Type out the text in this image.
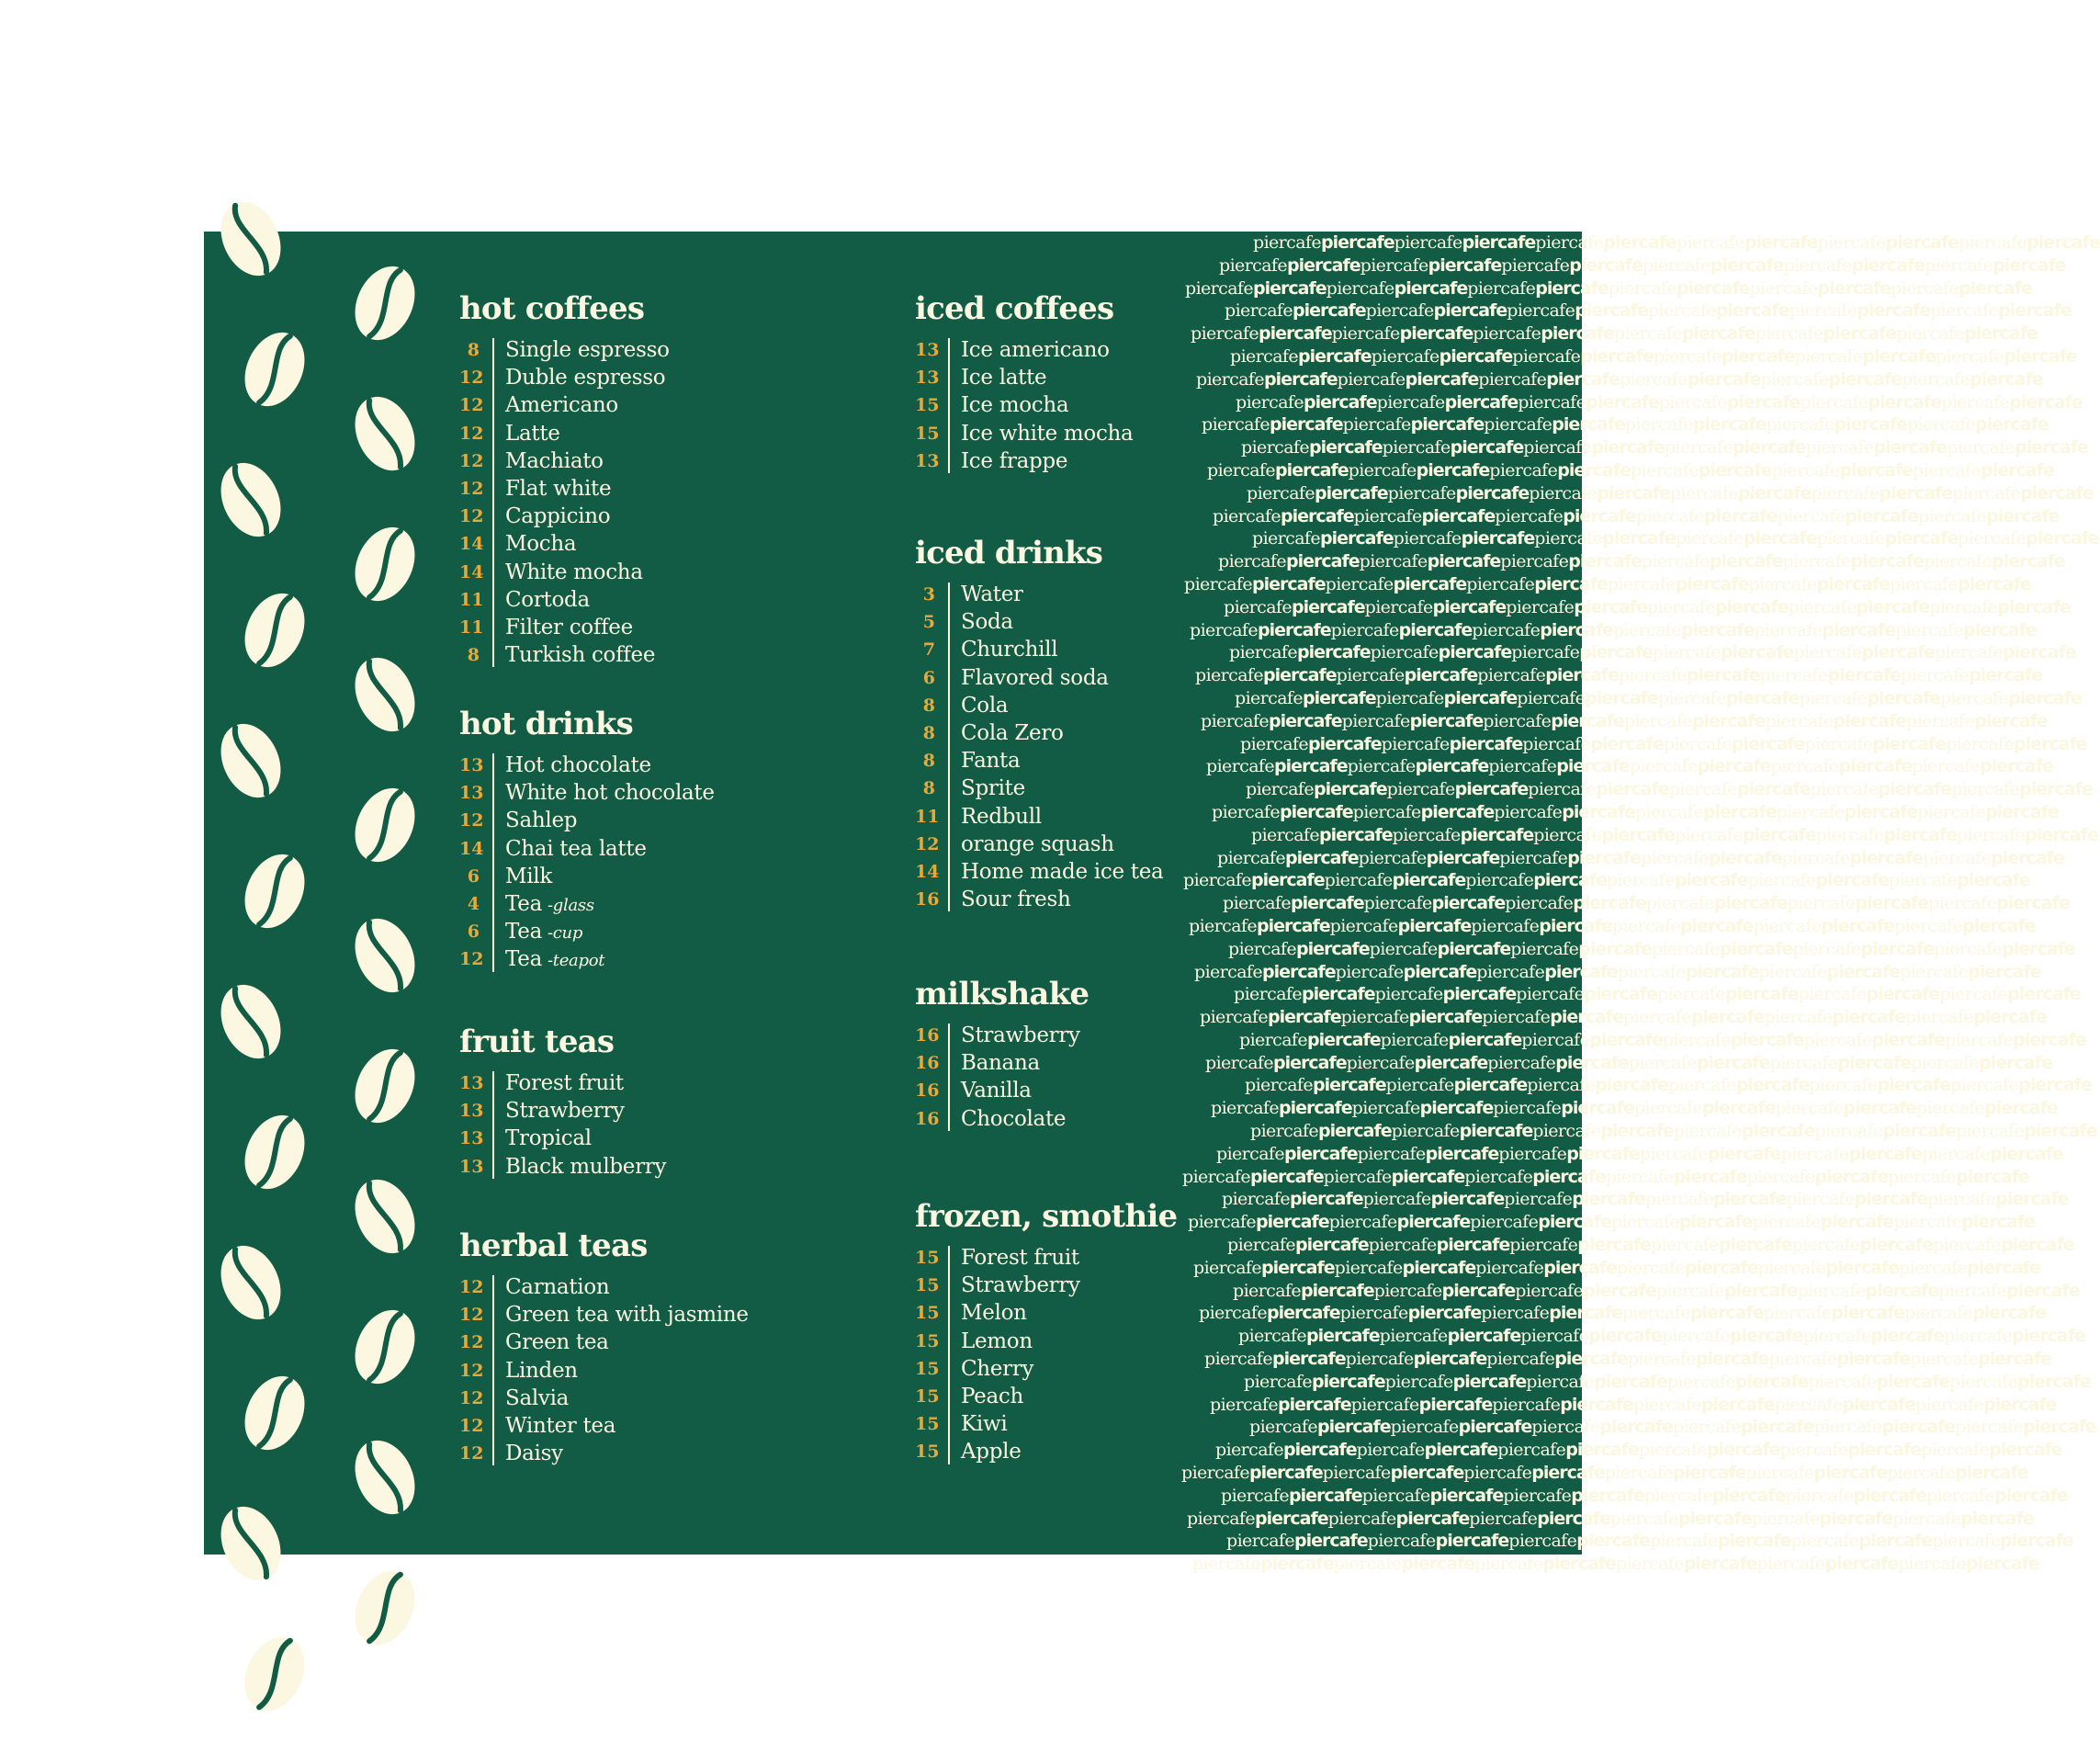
hot coffees
8 Single espresso
12 Duble espresso
12 Americano
12 Latte
12 Machiato
12 Flat white
12 Cappicino
14 Mocha
14 White mocha
11 Cortoda
11 Filter coffee
8 Turkish coffee
hot drinks
13 Hot chocolate
13 White hot chocolate
12 Sahlep
14 Chai tea latte
6 Milk
4 Tea -glass
6 Tea -cup
12 Tea -teapot
fruit teas
13 Forest fruit
13 Strawberry
13 Tropical
13 Black mulberry
herbal teas
12 Carnation
12 Green tea with jasmine
12 Green tea
12 Linden
12 Salvia
12 Winter tea
12 Daisy
iced coffees
13 Ice americano
13 Ice latte
15 Ice mocha
15 Ice white mocha
13 Ice frappe
iced drinks
3 Water
5 Soda
7 Churchill
6 Flavored soda
8 Cola
8 Cola Zero
8 Fanta
8 Sprite
11 Redbull
12 orange squash
14 Home made ice tea
16 Sour fresh
milkshake
16 Strawberry
16 Banana
16 Vanilla
16 Chocolate
frozen, smothie
15 Forest fruit
15 Strawberry
15 Melon
15 Lemon
15 Cherry
15 Peach
15 Kiwi
15 Apple
piercafepiercafepiercafepiercafepiercafepiercafepiercafepiercafepiercafepiercafepiercafepiercafe
piercafepiercafepiercafepiercafepiercafepiercafepiercafepiercafepiercafepiercafepiercafepiercafe
piercafepiercafepiercafepiercafepiercafepiercafepiercafepiercafepiercafepiercafepiercafepiercafe
piercafepiercafepiercafepiercafepiercafepiercafepiercafepiercafepiercafepiercafepiercafepiercafe
piercafepiercafepiercafepiercafepiercafepiercafepiercafepiercafepiercafepiercafepiercafepiercafe
piercafepiercafepiercafepiercafepiercafepiercafepiercafepiercafepiercafepiercafepiercafepiercafe
piercafepiercafepiercafepiercafepiercafepiercafepiercafepiercafepiercafepiercafepiercafepiercafe
piercafepiercafepiercafepiercafepiercafepiercafepiercafepiercafepiercafepiercafepiercafepiercafe
piercafepiercafepiercafepiercafepiercafepiercafepiercafepiercafepiercafepiercafepiercafepiercafe
piercafepiercafepiercafepiercafepiercafepiercafepiercafepiercafepiercafepiercafepiercafepiercafe
piercafepiercafepiercafepiercafepiercafepiercafepiercafepiercafepiercafepiercafepiercafepiercafe
piercafepiercafepiercafepiercafepiercafepiercafepiercafepiercafepiercafepiercafepiercafepiercafe
piercafepiercafepiercafepiercafepiercafepiercafepiercafepiercafepiercafepiercafepiercafepiercafe
piercafepiercafepiercafepiercafepiercafepiercafepiercafepiercafepiercafepiercafepiercafepiercafe
piercafepiercafepiercafepiercafepiercafepiercafepiercafepiercafepiercafepiercafepiercafepiercafe
piercafepiercafepiercafepiercafepiercafepiercafepiercafepiercafepiercafepiercafepiercafepiercafe
piercafepiercafepiercafepiercafepiercafepiercafepiercafepiercafepiercafepiercafepiercafepiercafe
piercafepiercafepiercafepiercafepiercafepiercafepiercafepiercafepiercafepiercafepiercafepiercafe
piercafepiercafepiercafepiercafepiercafepiercafepiercafepiercafepiercafepiercafepiercafepiercafe
piercafepiercafepiercafepiercafepiercafepiercafepiercafepiercafepiercafepiercafepiercafepiercafe
piercafepiercafepiercafepiercafepiercafepiercafepiercafepiercafepiercafepiercafepiercafepiercafe
piercafepiercafepiercafepiercafepiercafepiercafepiercafepiercafepiercafepiercafepiercafepiercafe
piercafepiercafepiercafepiercafepiercafepiercafepiercafepiercafepiercafepiercafepiercafepiercafe
piercafepiercafepiercafepiercafepiercafepiercafepiercafepiercafepiercafepiercafepiercafepiercafe
piercafepiercafepiercafepiercafepiercafepiercafepiercafepiercafepiercafepiercafepiercafepiercafe
piercafepiercafepiercafepiercafepiercafepiercafepiercafepiercafepiercafepiercafepiercafepiercafe
piercafepiercafepiercafepiercafepiercafepiercafepiercafepiercafepiercafepiercafepiercafepiercafe
piercafepiercafepiercafepiercafepiercafepiercafepiercafepiercafepiercafepiercafepiercafepiercafe
piercafepiercafepiercafepiercafepiercafepiercafepiercafepiercafepiercafepiercafepiercafepiercafe
piercafepiercafepiercafepiercafepiercafepiercafepiercafepiercafepiercafepiercafepiercafepiercafe
piercafepiercafepiercafepiercafepiercafepiercafepiercafepiercafepiercafepiercafepiercafepiercafe
piercafepiercafepiercafepiercafepiercafepiercafepiercafepiercafepiercafepiercafepiercafepiercafe
piercafepiercafepiercafepiercafepiercafepiercafepiercafepiercafepiercafepiercafepiercafepiercafe
piercafepiercafepiercafepiercafepiercafepiercafepiercafepiercafepiercafepiercafepiercafepiercafe
piercafepiercafepiercafepiercafepiercafepiercafepiercafepiercafepiercafepiercafepiercafepiercafe
piercafepiercafepiercafepiercafepiercafepiercafepiercafepiercafepiercafepiercafepiercafepiercafe
piercafepiercafepiercafepiercafepiercafepiercafepiercafepiercafepiercafepiercafepiercafepiercafe
piercafepiercafepiercafepiercafepiercafepiercafepiercafepiercafepiercafepiercafepiercafepiercafe
piercafepiercafepiercafepiercafepiercafepiercafepiercafepiercafepiercafepiercafepiercafepiercafe
piercafepiercafepiercafepiercafepiercafepiercafepiercafepiercafepiercafepiercafepiercafepiercafe
piercafepiercafepiercafepiercafepiercafepiercafepiercafepiercafepiercafepiercafepiercafepiercafe
piercafepiercafepiercafepiercafepiercafepiercafepiercafepiercafepiercafepiercafepiercafepiercafe
piercafepiercafepiercafepiercafepiercafepiercafepiercafepiercafepiercafepiercafepiercafepiercafe
piercafepiercafepiercafepiercafepiercafepiercafepiercafepiercafepiercafepiercafepiercafepiercafe
piercafepiercafepiercafepiercafepiercafepiercafepiercafepiercafepiercafepiercafepiercafepiercafe
piercafepiercafepiercafepiercafepiercafepiercafepiercafepiercafepiercafepiercafepiercafepiercafe
piercafepiercafepiercafepiercafepiercafepiercafepiercafepiercafepiercafepiercafepiercafepiercafe
piercafepiercafepiercafepiercafepiercafepiercafepiercafepiercafepiercafepiercafepiercafepiercafe
piercafepiercafepiercafepiercafepiercafepiercafepiercafepiercafepiercafepiercafepiercafepiercafe
piercafepiercafepiercafepiercafepiercafepiercafepiercafepiercafepiercafepiercafepiercafepiercafe
piercafepiercafepiercafepiercafepiercafepiercafepiercafepiercafepiercafepiercafepiercafepiercafe
piercafepiercafepiercafepiercafepiercafepiercafepiercafepiercafepiercafepiercafepiercafepiercafe
piercafepiercafepiercafepiercafepiercafepiercafepiercafepiercafepiercafepiercafepiercafepiercafe
piercafepiercafepiercafepiercafepiercafepiercafepiercafepiercafepiercafepiercafepiercafepiercafe
piercafepiercafepiercafepiercafepiercafepiercafepiercafepiercafepiercafepiercafepiercafepiercafe
piercafepiercafepiercafepiercafepiercafepiercafepiercafepiercafepiercafepiercafepiercafepiercafe
piercafepiercafepiercafepiercafepiercafepiercafepiercafepiercafepiercafepiercafepiercafepiercafe
piercafepiercafepiercafepiercafepiercafepiercafepiercafepiercafepiercafepiercafepiercafepiercafe
piercafepiercafepiercafepiercafepiercafepiercafepiercafepiercafepiercafepiercafepiercafepiercafe
